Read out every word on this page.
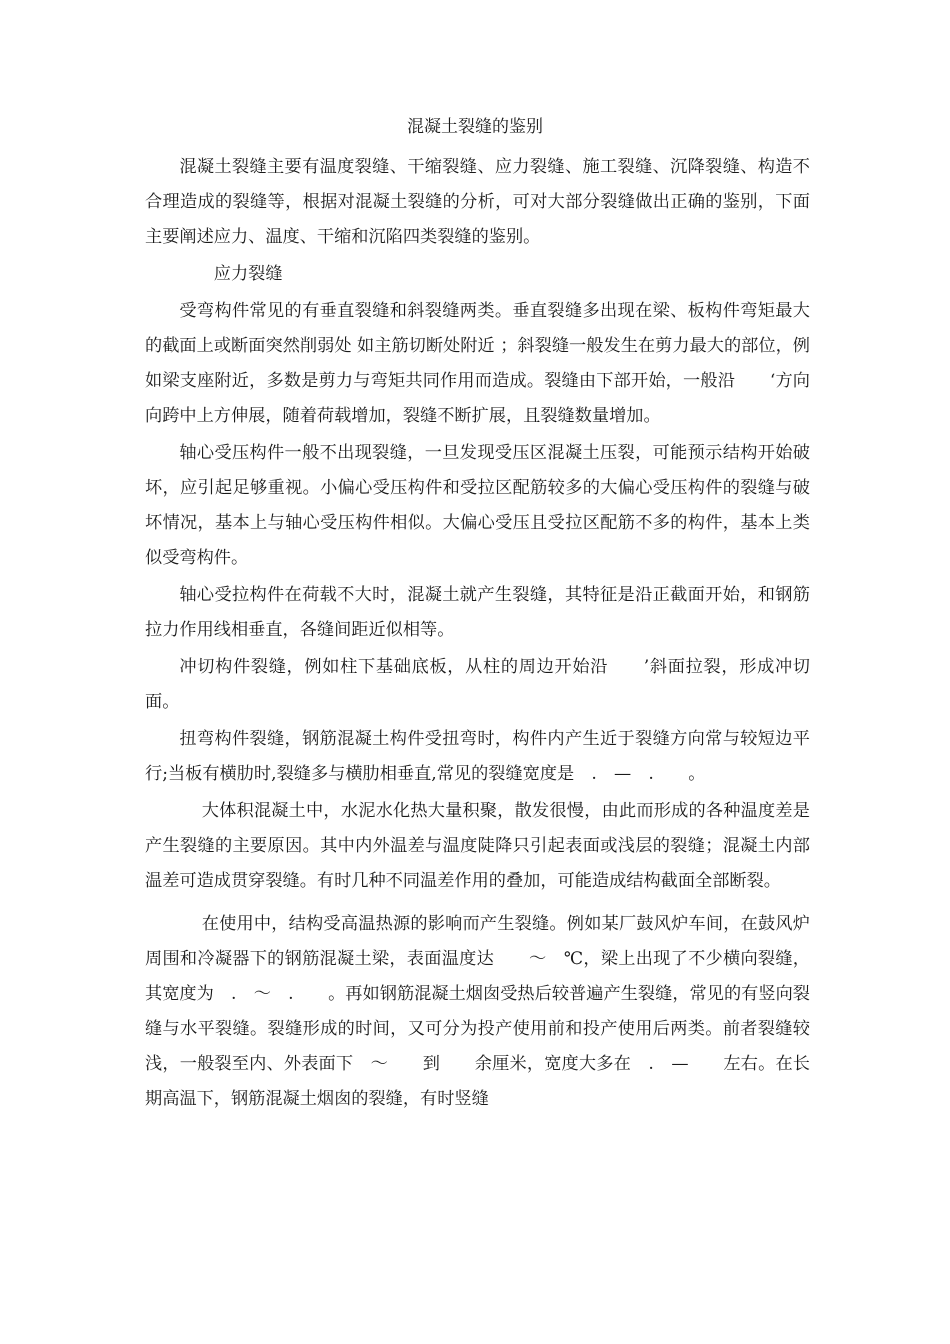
混凝土裂缝的鉴别

混凝土裂缝主要有温度裂缝、干缩裂缝、应力裂缝、施工裂缝、沉降裂缝、构造不合理造成的裂缝等，根据对混凝土裂缝的分析，可对大部分裂缝做出正确的鉴别，下面主要阐述应力、温度、干缩和沉陷四类裂缝的鉴别。

应力裂缝

受弯构件常见的有垂直裂缝和斜裂缝两类。垂直裂缝多出现在梁、板构件弯矩最大的截面上或断面突然削弱处 如主筋切断处附近 ；斜裂缝一般发生在剪力最大的部位，例如梁支座附近，多数是剪力与弯矩共同作用而造成。裂缝由下部开始，一般沿　　‘方向向跨中上方伸展，随着荷载增加，裂缝不断扩展，且裂缝数量增加。

轴心受压构件一般不出现裂缝，一旦发现受压区混凝土压裂，可能预示结构开始破坏，应引起足够重视。小偏心受压构件和受拉区配筋较多的大偏心受压构件的裂缝与破坏情况，基本上与轴心受压构件相似。大偏心受压且受拉区配筋不多的构件，基本上类似受弯构件。

轴心受拉构件在荷载不大时，混凝土就产生裂缝，其特征是沿正截面开始，和钢筋拉力作用线相垂直，各缝间距近似相等。

冲切构件裂缝，例如柱下基础底板，从柱的周边开始沿　　’斜面拉裂，形成冲切面。

扭弯构件裂缝，钢筋混凝土构件受扭弯时，构件内产生近于裂缝方向常与较短边平行;当板有横肋时,裂缝多与横肋相垂直,常见的裂缝宽度是　.　—　.　　。

大体积混凝土中，水泥水化热大量积聚，散发很慢，由此而形成的各种温度差是产生裂缝的主要原因。其中内外温差与温度陡降只引起表面或浅层的裂缝；混凝土内部温差可造成贯穿裂缝。有时几种不同温差作用的叠加，可能造成结构截面全部断裂。

在使用中，结构受高温热源的影响而产生裂缝。例如某厂鼓风炉车间，在鼓风炉周围和冷凝器下的钢筋混凝土梁，表面温度达　　～　℃，梁上出现了不少横向裂缝，其宽度为　.　～　.　　。再如钢筋混凝土烟囱受热后较普遍产生裂缝，常见的有竖向裂缝与水平裂缝。裂缝形成的时间，又可分为投产使用前和投产使用后两类。前者裂缝较浅，一般裂至内、外表面下　～　　到　　余厘米，宽度大多在　.　—　　左右。在长期高温下，钢筋混凝土烟囱的裂缝，有时竖缝
